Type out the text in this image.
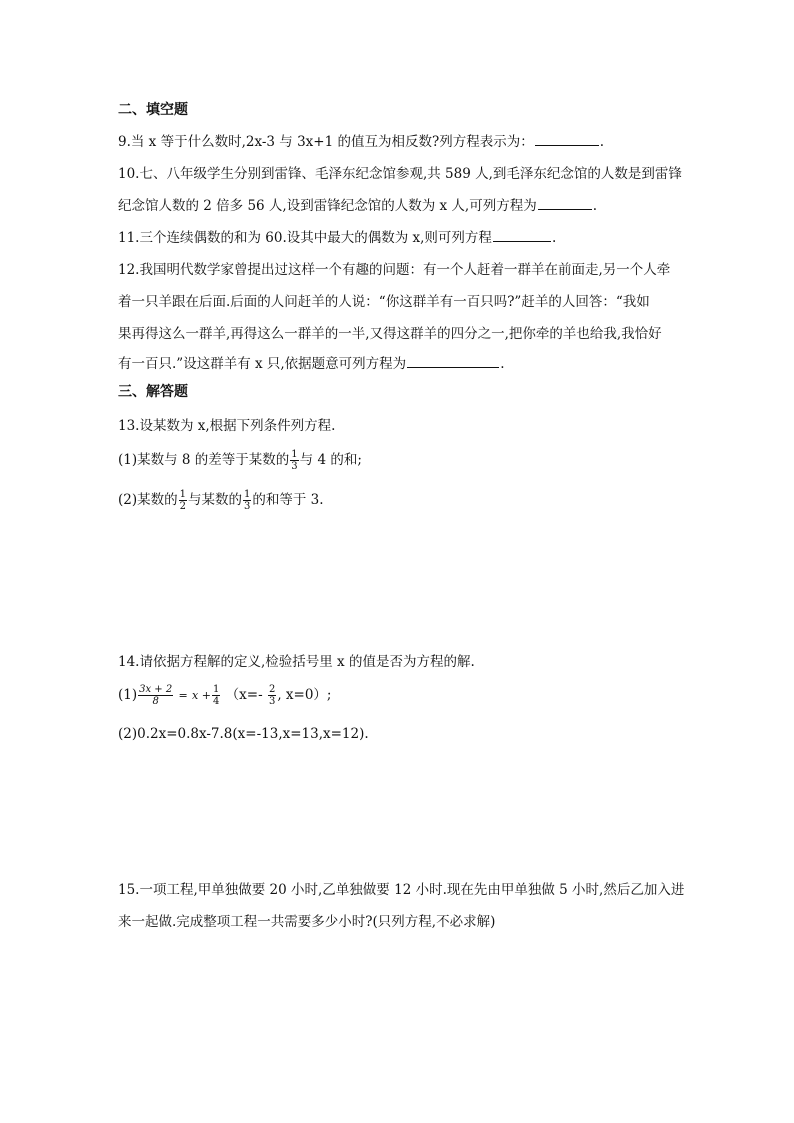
二、填空题
9.当 x 等于什么数时,2x-3 与 3x+1 的值互为相反数?列方程表示为：	.
10.七、八年级学生分别到雷锋、毛泽东纪念馆参观,共 589 人,到毛泽东纪念馆的人数是到雷锋
纪念馆人数的 2 倍多 56 人,设到雷锋纪念馆的人数为 x 人,可列方程为	.
11.三个连续偶数的和为 60.设其中最大的偶数为 x,则可列方程	.
12.我国明代数学家曾提出过这样一个有趣的问题：有一个人赶着一群羊在前面走,另一个人牵
着一只羊跟在后面.后面的人问赶羊的人说：“你这群羊有一百只吗?”赶羊的人回答：“我如
果再得这么一群羊,再得这么一群羊的一半,又得这群羊的四分之一,把你牵的羊也给我,我恰好
有一百只.”设这群羊有 x 只,依据题意可列方程为	.
三、解答题
13.设某数为 x,根据下列条件列方程.
(1)某数与 8 的差等于某数的 $\frac{1}{3}$ 与 4 的和;
(2)某数的 $\frac{1}{2}$ 与某数的 $\frac{1}{3}$ 的和等于 3.
14.请依据方程解的定义,检验括号里 x 的值是否为方程的解.
$(1) \frac{3x + 2}{8} = x + \frac{1}{4} (x=- \frac{2}{3}$ , x=0）;
(2)0.2x=0.8x-7.8(x=-13,x=13,x=12).
15.一项工程,甲单独做要 20 小时,乙单独做要 12 小时.现在先由甲单独做 5 小时,然后乙加入进
来一起做.完成整项工程一共需要多少小时?(只列方程,不必求解)
